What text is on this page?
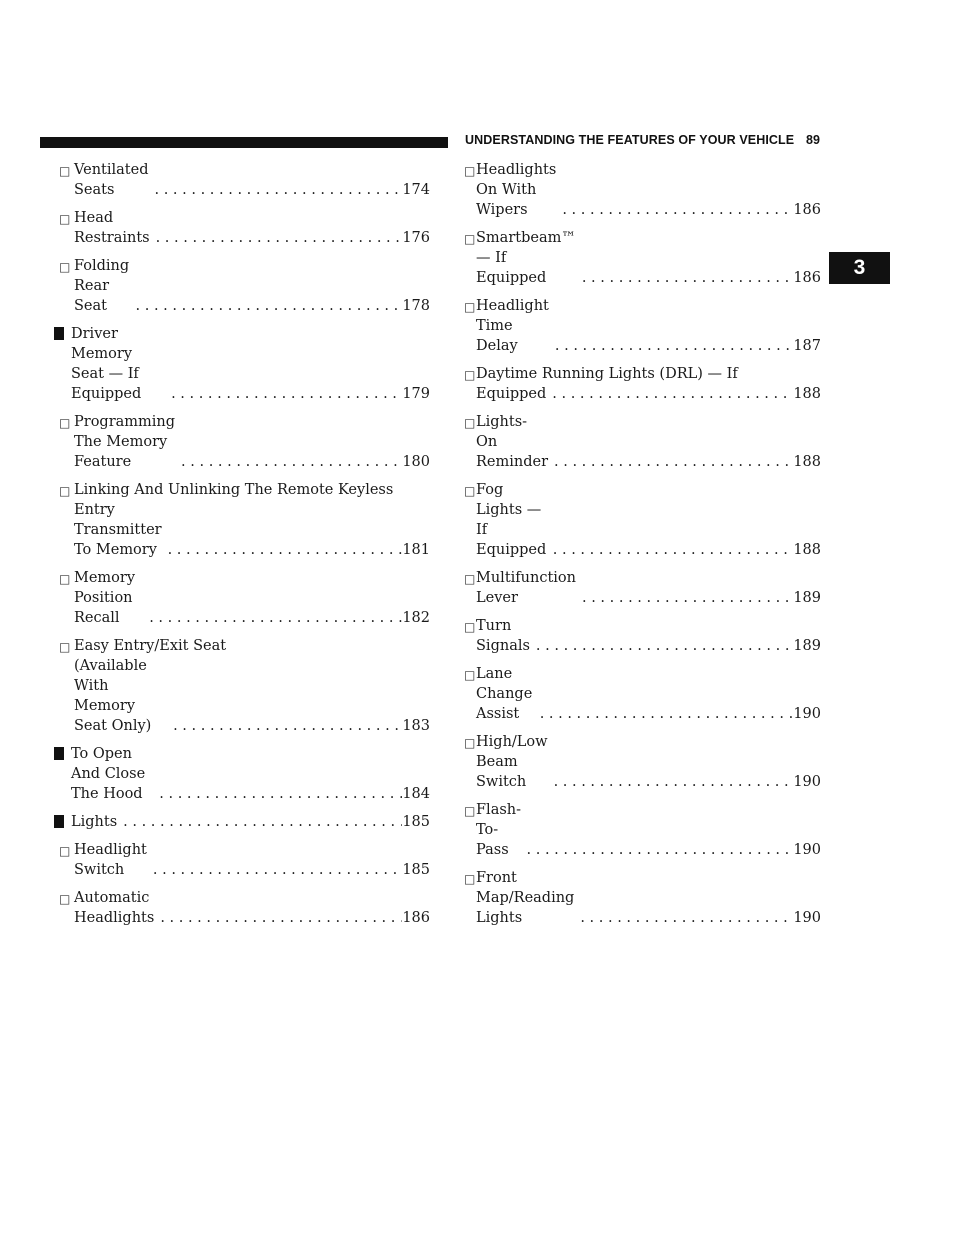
UNDERSTANDING THE FEATURES OF YOUR VEHICLE 89
3
□ Ventilated Seats . . .	174
□ Head Restraints . . .	176
□ Folding Rear Seat . . .	178
Driver Memory Seat — If Equipped . . .	179
□ Programming The Memory Feature . . .	180
□ Linking And Unlinking The Remote Keyless
Entry Transmitter To Memory . . .	181
□ Memory Position Recall . . .	182
□ Easy Entry/Exit Seat
(Available With Memory Seat Only) . . .	183
To Open And Close The Hood . . .	184
Lights . . .	185
□ Headlight Switch . . .	185
□ Automatic Headlights . . .	186
□ Headlights On With Wipers . . .	186
□ Smartbeam™ — If Equipped . . .	186
□ Headlight Time Delay . . .	187
□ Daytime Running Lights (DRL) — If
Equipped . . .	188
□ Lights-On Reminder . . .	188
□ Fog Lights — If Equipped . . .	188
□ Multifunction Lever . . .	189
□ Turn Signals . . .	189
□ Lane Change Assist . . .	190
□ High/Low Beam Switch . . .	190
□ Flash-To-Pass . . .	190
□ Front Map/Reading Lights . . .	190
